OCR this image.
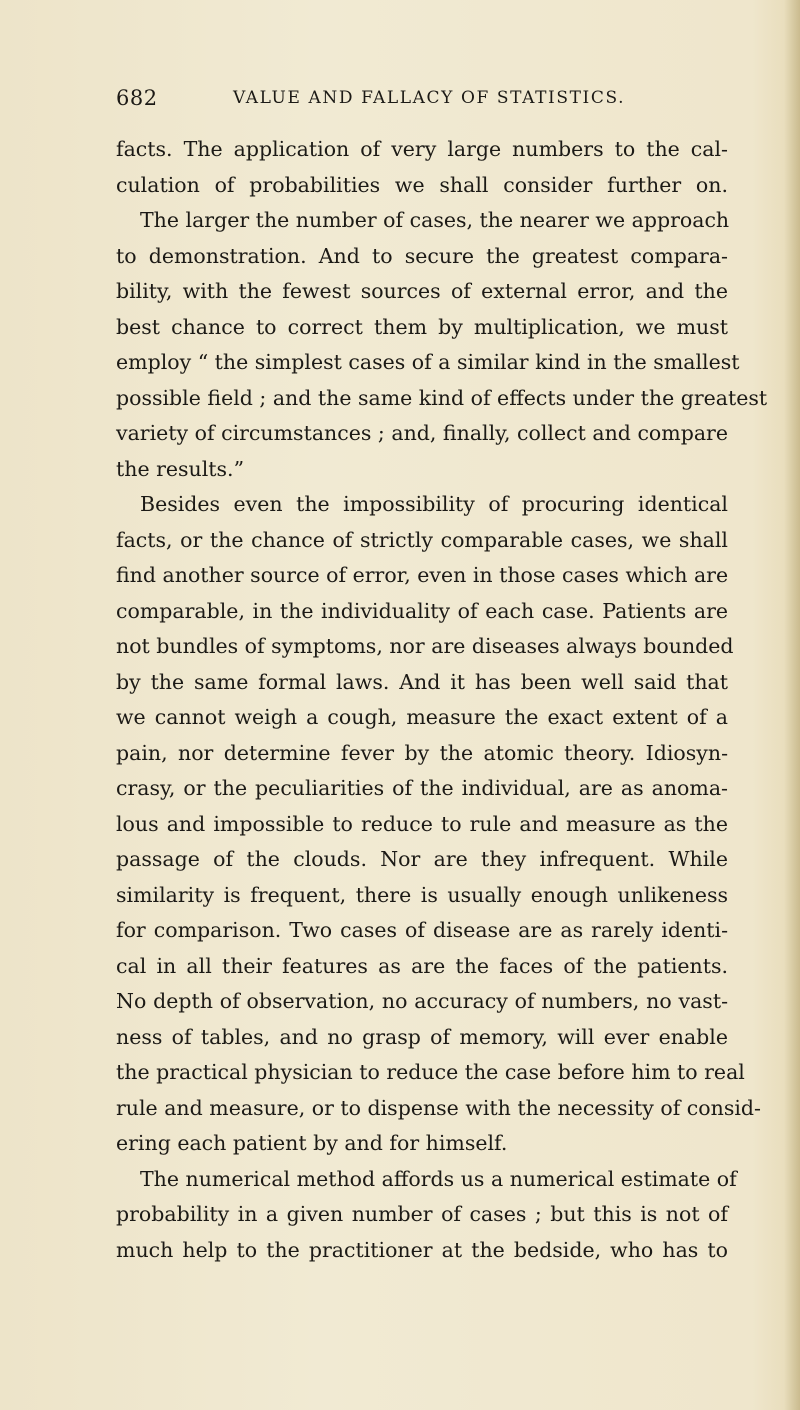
682	VALUE AND FALLACY OF STATISTICS.
facts. The application of very large numbers to the cal-
culation of probabilities we shall consider further on.
The larger the number of cases, the nearer we approach
to demonstration. And to secure the greatest compara-
bility, with the fewest sources of external error, and the
best chance to correct them by multiplication, we must
employ “ the simplest cases of a similar kind in the smallest
possible field ; and the same kind of effects under the greatest
variety of circumstances ; and, finally, collect and compare
the results.”
Besides even the impossibility of procuring identical
facts, or the chance of strictly comparable cases, we shall
find another source of error, even in those cases which are
comparable, in the individuality of each case. Patients are
not bundles of symptoms, nor are diseases always bounded
by the same formal laws. And it has been well said that
we cannot weigh a cough, measure the exact extent of a
pain, nor determine fever by the atomic theory. Idiosyn-
crasy, or the peculiarities of the individual, are as anoma-
lous and impossible to reduce to rule and measure as the
passage of the clouds. Nor are they infrequent. While
similarity is frequent, there is usually enough unlikeness
for comparison. Two cases of disease are as rarely identi-
cal in all their features as are the faces of the patients.
No depth of observation, no accuracy of numbers, no vast-
ness of tables, and no grasp of memory, will ever enable
the practical physician to reduce the case before him to real
rule and measure, or to dispense with the necessity of consid-
ering each patient by and for himself.
The numerical method affords us a numerical estimate of
probability in a given number of cases ; but this is not of
much help to the practitioner at the bedside, who has to
